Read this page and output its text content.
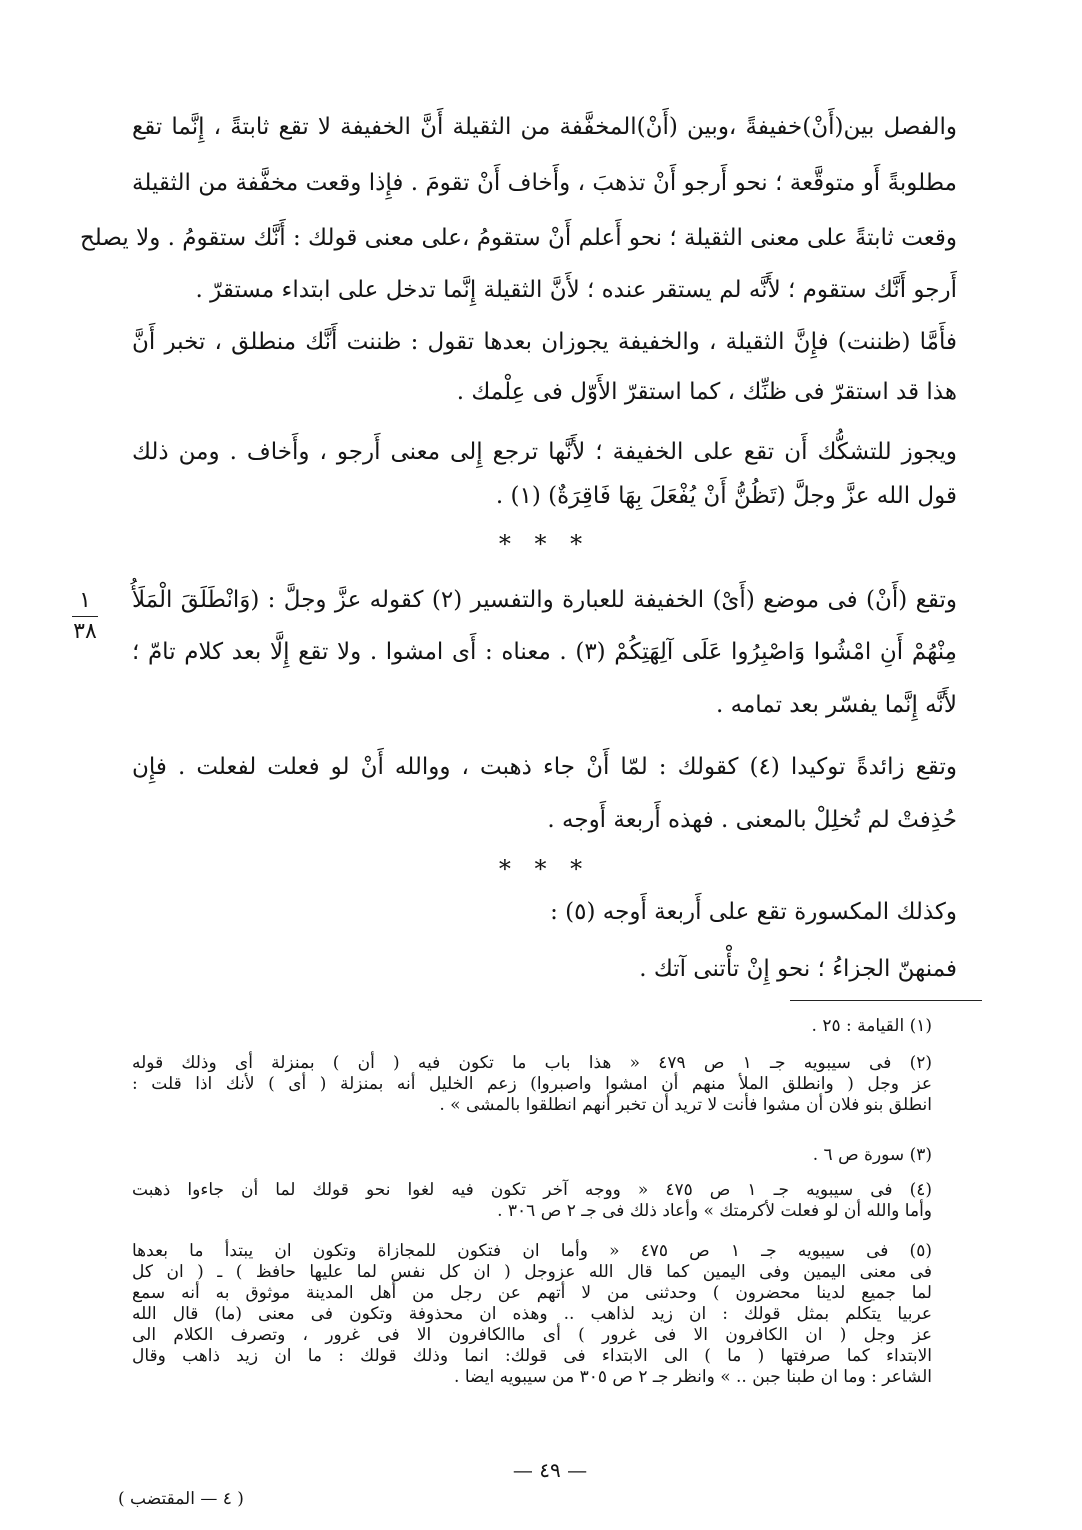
والفصل بين(أَنْ)خفيفةً ،وبين (أَنْ)المخفَّفة من الثقيلة أَنَّ الخفيفة لا تقع ثابتةً ، إِنَّما تقع
مطلوبةً أَو متوقَّعة ؛ نحو أَرجو أَنْ تذهبَ ، وأَخاف أَنْ تقومَ . فإِذا وقعت مخفَّفة من الثقيلة
وقعت ثابتةً على معنى الثقيلة ؛ نحو أَعلم أَنْ ستقومُ ،على معنى قولك : أَنَّك ستقومُ . ولا يصلح
أَرجو أَنَّك ستقوم ؛ لأَنَّه لم يستقر عنده ؛ لأَنَّ الثقيلة إِنَّما تدخل على ابتداء مستقرّ .
فأَمَّا (ظننت) فإِنَّ الثقيلة ، والخفيفة يجوزان بعدها تقول : ظننت أَنَّك منطلق ، تخبر أَنَّ
هذا قد استقرّ فى ظنِّك ، كما استقرّ الأَوّل فى عِلْمك .
ويجوز للتشكُّك أَن تقع على الخفيفة ؛ لأَنَّها ترجع إِلى معنى أَرجو ، وأَخاف . ومن ذلك
قول الله عزَّ وجلَّ (تَظُنُّ أَنْ يُفْعَلَ بِهَا فَاقِرَةٌ) (١) .
* * *
وتقع (أَنْ) فى موضع (أَىْ) الخفيفة للعبارة والتفسير (٢) كقوله عزَّ وجلَّ : (وَانْطَلَقَ الْمَلَأُ
مِنْهُمْ أَنِ امْشُوا وَاصْبِرُوا عَلَى آلِهَتِكُمْ (٣) . معناه : أَى امشوا . ولا تقع إِلَّا بعد كلام تامّ ؛
لأَنَّه إِنَّما يفسّر بعد تمامه .
وتقع زائدةً توكيدا (٤) كقولك : لمّا أَنْ جاء ذهبت ، ووالله أَنْ لو فعلت لفعلت . فإِن
حُذِفتْ لم تُخلِلْ بالمعنى . فهذه أَربعة أَوجه .
* * *
وكذلك المكسورة تقع على أَربعة أَوجه (٥) :
فمنهنّ الجزاءُ ؛ نحو إِنْ تأْتنى آتك .
١
٣٨
(١) القيامة : ٢٥ .
(٢) فى سيبويه جـ ١ ص ٤٧٩ « هذا باب ما تكون فيه ( أن ) بمنزلة أى وذلك قوله
عز وجل ( وانطلق الملأ منهم أن امشوا واصبروا) زعم الخليل أنه بمنزلة ( أى ) لأنك اذا قلت :
انطلق بنو فلان أن مشوا فأنت لا تريد أن تخبر أنهم انطلقوا بالمشى » .
(٣) سورة ص ٦ .
(٤) فى سيبويه جـ ١ ص ٤٧٥ « ووجه آخر تكون فيه لغوا نحو قولك لما أن جاءوا ذهبت
وأما والله أن لو فعلت لأكرمتك » وأعاد ذلك فى جـ ٢ ص ٣٠٦ .
(٥) فى سيبويه جـ ١ ص ٤٧٥ « وأما ان فتكون للمجازاة وتكون ان يبتدأ ما بعدها
فى معنى اليمين وفى اليمين كما قال الله عزوجل ( ان كل نفس لما عليها حافظ ) ـ ( ان كل
لما جميع لدينا محضرون ) وحدثنى من لا أتهم عن رجل من أهل المدينة موثوق به أنه سمع
عربيا يتكلم بمثل قولك : ان زيد لذاهب .. وهذه ان محذوفة وتكون فى معنى (ما) قال الله
عز وجل ( ان الكافرون الا فى غرور ) أى ماالكافرون الا فى غرور ، وتصرف الكلام الى
الابتداء كما صرفتها ( ما ) الى الابتداء فى قولك: انما وذلك قولك : ما ان زيد ذاهب وقال
الشاعر : وما ان طبنا جبن .. » وانظر جـ ٢ ص ٣٠٥ من سيبويه ايضا .
— ٤٩ —
( ٤ — المقتضب )
